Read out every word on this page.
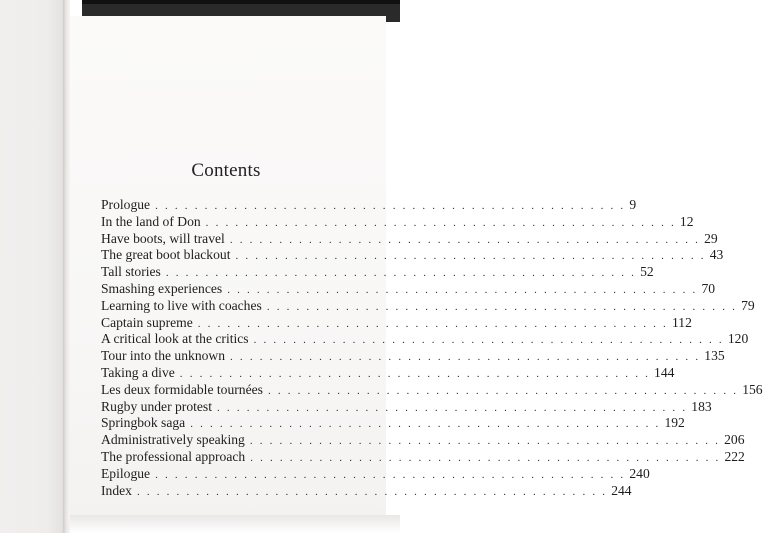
Contents
Prologue . . . . . . . . . . . . . . . . . . . . . . . . . . . . . . . . . . . . . . . . . . . . . . . . 9
In the land of Don . . . . . . . . . . . . . . . . . . . . . . . . . . . . . . . . . . . . . . . . . . . . . . . . 12
Have boots, will travel . . . . . . . . . . . . . . . . . . . . . . . . . . . . . . . . . . . . . . . . . . . . . . . . 29
The great boot blackout . . . . . . . . . . . . . . . . . . . . . . . . . . . . . . . . . . . . . . . . . . . . . . . . 43
Tall stories . . . . . . . . . . . . . . . . . . . . . . . . . . . . . . . . . . . . . . . . . . . . . . . . 52
Smashing experiences . . . . . . . . . . . . . . . . . . . . . . . . . . . . . . . . . . . . . . . . . . . . . . . . 70
Learning to live with coaches . . . . . . . . . . . . . . . . . . . . . . . . . . . . . . . . . . . . . . . . . . . . . . . . 79
Captain supreme . . . . . . . . . . . . . . . . . . . . . . . . . . . . . . . . . . . . . . . . . . . . . . . . 112
A critical look at the critics . . . . . . . . . . . . . . . . . . . . . . . . . . . . . . . . . . . . . . . . . . . . . . . . 120
Tour into the unknown . . . . . . . . . . . . . . . . . . . . . . . . . . . . . . . . . . . . . . . . . . . . . . . . 135
Taking a dive . . . . . . . . . . . . . . . . . . . . . . . . . . . . . . . . . . . . . . . . . . . . . . . . 144
Les deux formidable tournées . . . . . . . . . . . . . . . . . . . . . . . . . . . . . . . . . . . . . . . . . . . . . . . . 156
Rugby under protest . . . . . . . . . . . . . . . . . . . . . . . . . . . . . . . . . . . . . . . . . . . . . . . . 183
Springbok saga . . . . . . . . . . . . . . . . . . . . . . . . . . . . . . . . . . . . . . . . . . . . . . . . 192
Administratively speaking . . . . . . . . . . . . . . . . . . . . . . . . . . . . . . . . . . . . . . . . . . . . . . . . 206
The professional approach . . . . . . . . . . . . . . . . . . . . . . . . . . . . . . . . . . . . . . . . . . . . . . . . 222
Epilogue . . . . . . . . . . . . . . . . . . . . . . . . . . . . . . . . . . . . . . . . . . . . . . . . 240
Index . . . . . . . . . . . . . . . . . . . . . . . . . . . . . . . . . . . . . . . . . . . . . . . . 244
